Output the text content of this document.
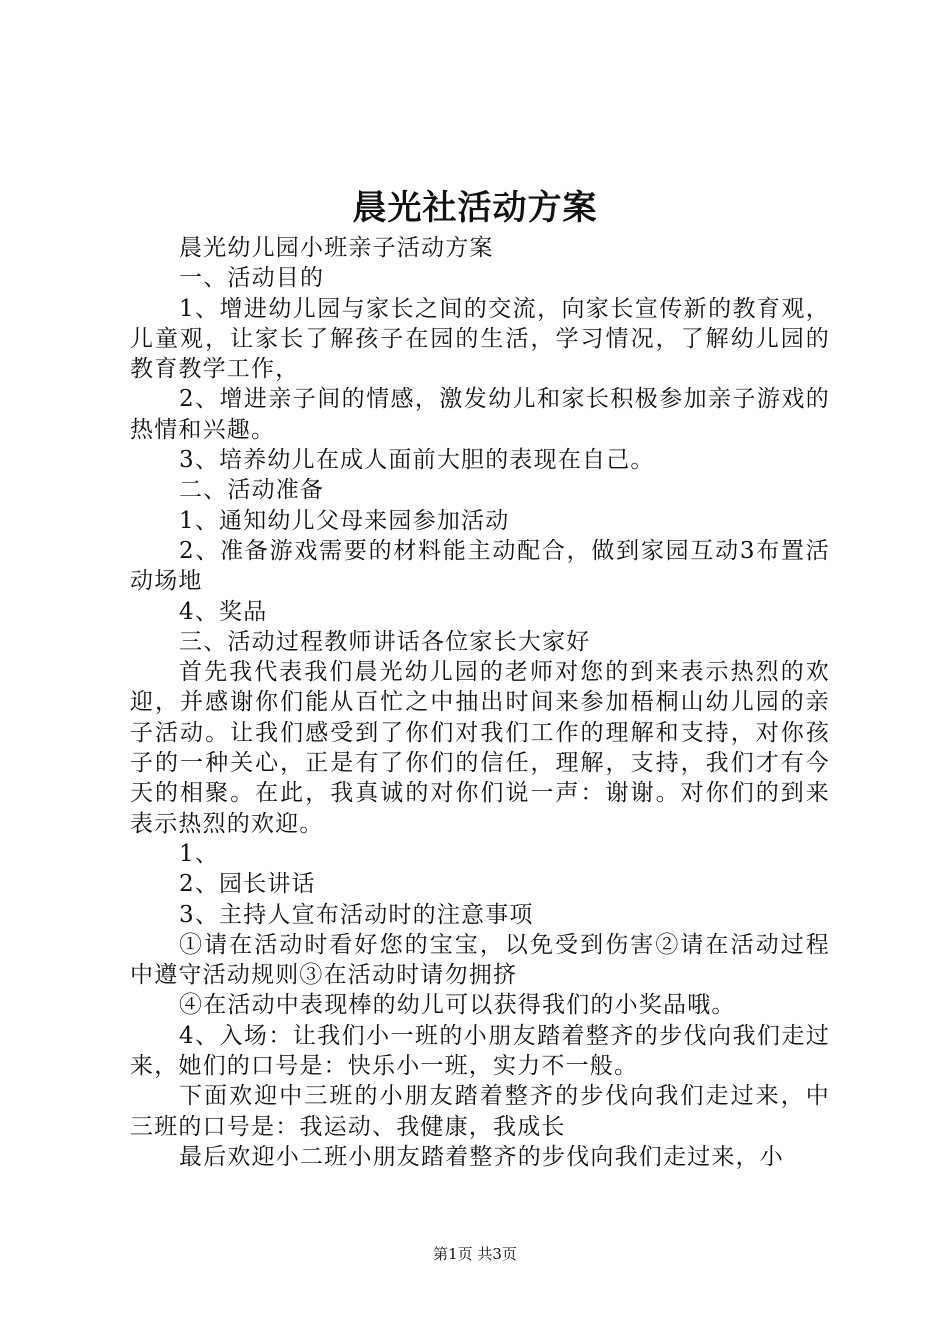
晨光社活动方案

晨光幼儿园小班亲子活动方案

一、活动目的

1、增进幼儿园与家长之间的交流，向家长宣传新的教育观，儿童观，让家长了解孩子在园的生活，学习情况，了解幼儿园的教育教学工作，

2、增进亲子间的情感，激发幼儿和家长积极参加亲子游戏的热情和兴趣。

3、培养幼儿在成人面前大胆的表现在自己。

二、活动准备

1、通知幼儿父母来园参加活动

2、准备游戏需要的材料能主动配合，做到家园互动3布置活动场地

4、奖品

三、活动过程教师讲话各位家长大家好

首先我代表我们晨光幼儿园的老师对您的到来表示热烈的欢迎，并感谢你们能从百忙之中抽出时间来参加梧桐山幼儿园的亲子活动。让我们感受到了你们对我们工作的理解和支持，对你孩子的一种关心，正是有了你们的信任，理解，支持，我们才有今天的相聚。在此，我真诚的对你们说一声：谢谢。对你们的到来表示热烈的欢迎。

1、

2、园长讲话

3、主持人宣布活动时的注意事项

①请在活动时看好您的宝宝，以免受到伤害②请在活动过程中遵守活动规则③在活动时请勿拥挤

④在活动中表现棒的幼儿可以获得我们的小奖品哦。

4、入场：让我们小一班的小朋友踏着整齐的步伐向我们走过来，她们的口号是：快乐小一班，实力不一般。

下面欢迎中三班的小朋友踏着整齐的步伐向我们走过来，中三班的口号是：我运动、我健康，我成长

最后欢迎小二班小朋友踏着整齐的步伐向我们走过来，小

第1页 共3页
